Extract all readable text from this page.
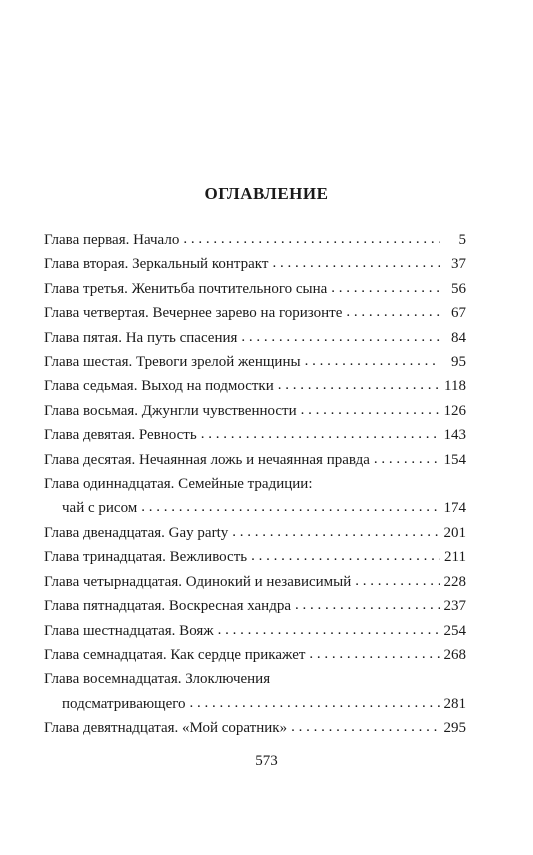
ОГЛАВЛЕНИЕ
Глава первая. Начало . . .	5
Глава вторая. Зеркальный контракт . . .	37
Глава третья. Женитьба почтительного сына . . .	56
Глава четвертая. Вечернее зарево на горизонте . . .	67
Глава пятая. На путь спасения . . .	84
Глава шестая. Тревоги зрелой женщины . . .	95
Глава седьмая. Выход на подмостки . . .	118
Глава восьмая. Джунгли чувственности . . .	126
Глава девятая. Ревность . . .	143
Глава десятая. Нечаянная ложь и нечаянная правда . . .	154
Глава одиннадцатая. Семейные традиции:
чай с рисом . . .	174
Глава двенадцатая. Gay party . . .	201
Глава тринадцатая. Вежливость . . .	211
Глава четырнадцатая. Одинокий и независимый . . .	228
Глава пятнадцатая. Воскресная хандра . . .	237
Глава шестнадцатая. Вояж . . .	254
Глава семнадцатая. Как сердце прикажет . . .	268
Глава восемнадцатая. Злоключения
подсматривающего . . .	281
Глава девятнадцатая. «Мой соратник» . . .	295
573
